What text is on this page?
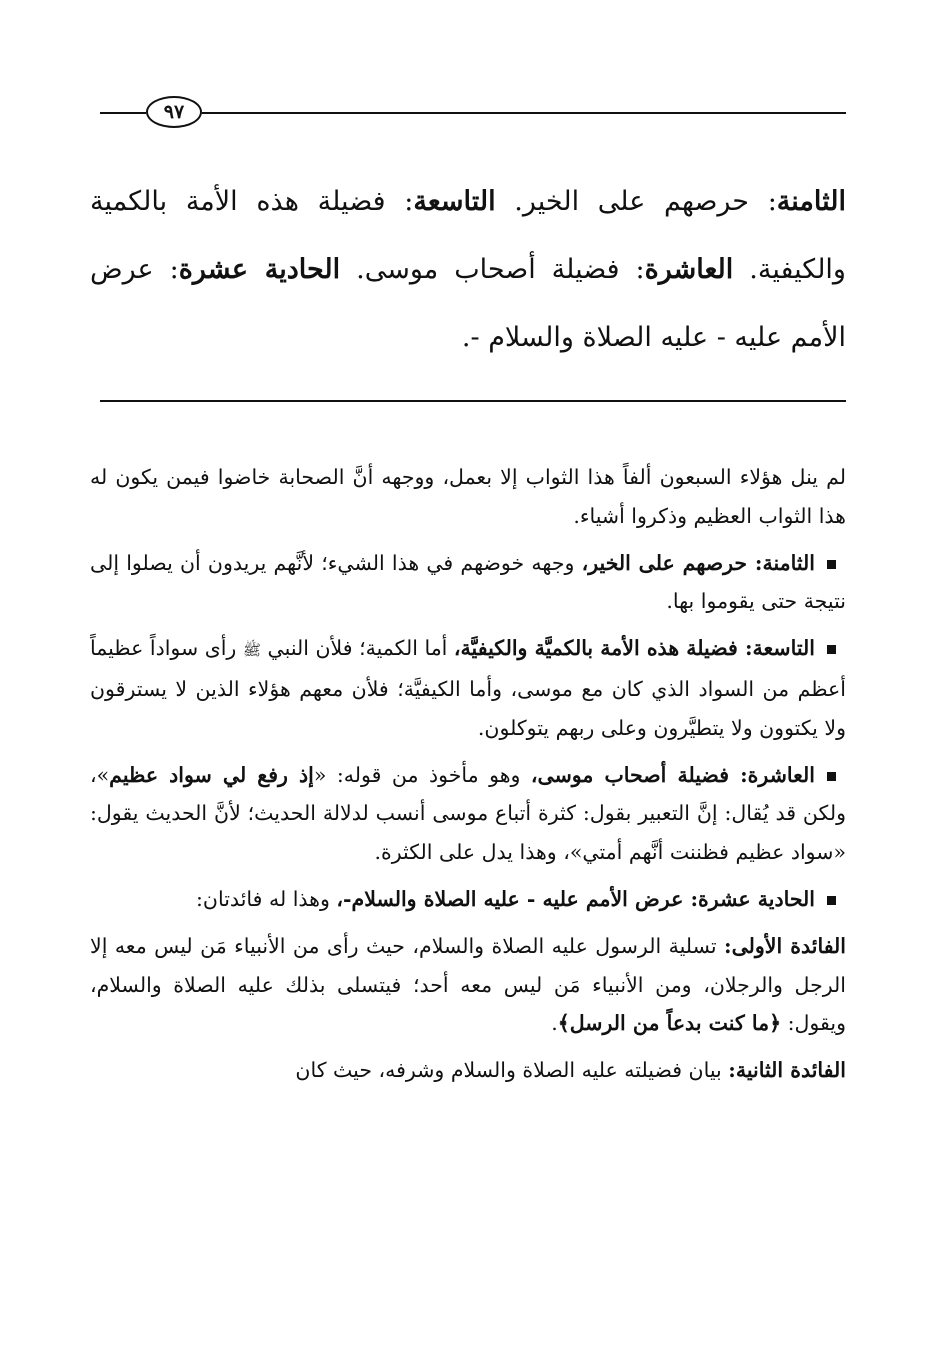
٩٧

الثامنة: حرصهم على الخير. التاسعة: فضيلة هذه الأمة بالكمية والكيفية. العاشرة: فضيلة أصحاب موسى. الحادية عشرة: عرض الأمم عليه - عليه الصلاة والسلام -.

لم ينل هؤلاء السبعون ألفاً هذا الثواب إلا بعمل، ووجهه أنَّ الصحابة خاضوا فيمن يكون له هذا الثواب العظيم وذكروا أشياء.

الثامنة: حرصهم على الخير، وجهه خوضهم في هذا الشيء؛ لأنَّهم يريدون أن يصلوا إلى نتيجة حتى يقوموا بها.

التاسعة: فضيلة هذه الأمة بالكميَّة والكيفيَّة، أما الكمية؛ فلأن النبي ﷺ رأى سواداً عظيماً أعظم من السواد الذي كان مع موسى، وأما الكيفيَّة؛ فلأن معهم هؤلاء الذين لا يسترقون ولا يكتوون ولا يتطيَّرون وعلى ربهم يتوكلون.

العاشرة: فضيلة أصحاب موسى، وهو مأخوذ من قوله: «إذ رفع لي سواد عظيم»، ولكن قد يُقال: إنَّ التعبير بقول: كثرة أتباع موسى أنسب لدلالة الحديث؛ لأنَّ الحديث يقول: «سواد عظيم فظننت أنَّهم أمتي»، وهذا يدل على الكثرة.

الحادية عشرة: عرض الأمم عليه - عليه الصلاة والسلام-، وهذا له فائدتان:

الفائدة الأولى: تسلية الرسول عليه الصلاة والسلام، حيث رأى من الأنبياء مَن ليس معه إلا الرجل والرجلان، ومن الأنبياء مَن ليس معه أحد؛ فيتسلى بذلك عليه الصلاة والسلام، ويقول: ﴿ما كنت بدعاً من الرسل﴾.

الفائدة الثانية: بيان فضيلته عليه الصلاة والسلام وشرفه، حيث كان
